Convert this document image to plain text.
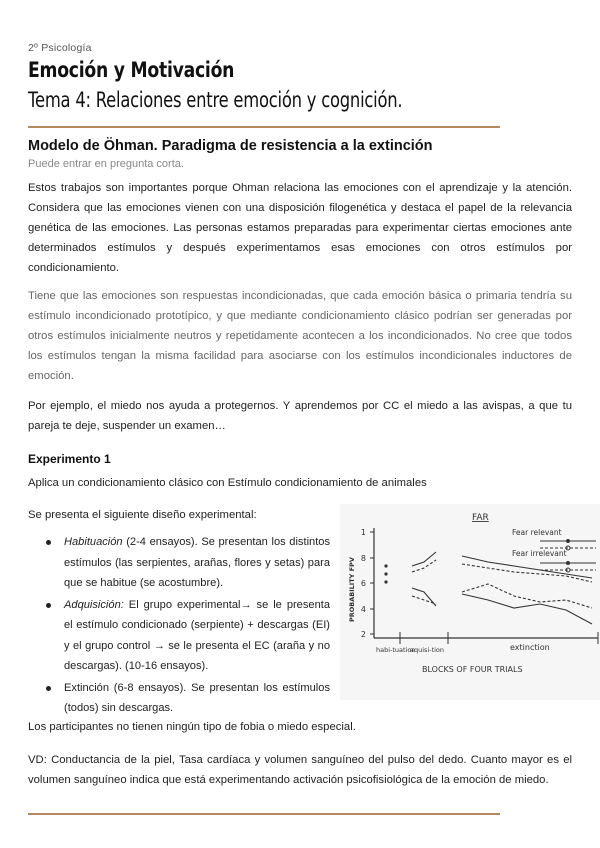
2º Psicología
Emoción y Motivación
Tema 4: Relaciones entre emoción y cognición.
Modelo de Öhman. Paradigma de resistencia a la extinción
Puede entrar en pregunta corta.
Estos trabajos son importantes porque Ohman relaciona las emociones con el aprendizaje y la atención. Considera que las emociones vienen con una disposición filogenética y destaca el papel de la relevancia genética de las emociones. Las personas estamos preparadas para experimentar ciertas emociones ante determinados estímulos y después experimentamos esas emociones con otros estímulos por condicionamiento.
Tiene que las emociones son respuestas incondicionadas, que cada emoción básica o primaria tendría su estímulo incondicionado prototípico, y que mediante condicionamiento clásico podrían ser generadas por otros estímulos inicialmente neutros y repetidamente acontecen a los incondicionados. No cree que todos los estímulos tengan la misma facilidad para asociarse con los estímulos incondicionales inductores de emoción.
Por ejemplo, el miedo nos ayuda a protegernos. Y aprendemos por CC el miedo a las avispas, a que tu pareja te deje, suspender un examen…
Experimento 1
Aplica un condicionamiento clásico con Estímulo condicionamiento de animales
Se presenta el siguiente diseño experimental:
Habituación (2-4 ensayos). Se presentan los distintos estímulos (las serpientes, arañas, flores y setas) para que se habitue (se acostumbre).
Adquisición: El grupo experimental→ se le presenta el estímulo condicionado (serpiente) + descargas (EI) y el grupo control → se le presenta el EC (araña y no descargas). (10-16 ensayos).
Extinción (6-8 ensayos). Se presentan los estímulos (todos) sin descargas.
1
8
6
4
2
PROBABILITY FPV
FAR
Fear relevant
Fear irrelevant
habi-tuation
aquisi-tion	extinction
BLOCKS OF FOUR TRIALS
Los participantes no tienen ningún tipo de fobia o miedo especial.
VD: Conductancia de la piel, Tasa cardíaca y volumen sanguíneo del pulso del dedo. Cuanto mayor es el volumen sanguíneo indica que está experimentando activación psicofisiológica de la emoción de miedo.
